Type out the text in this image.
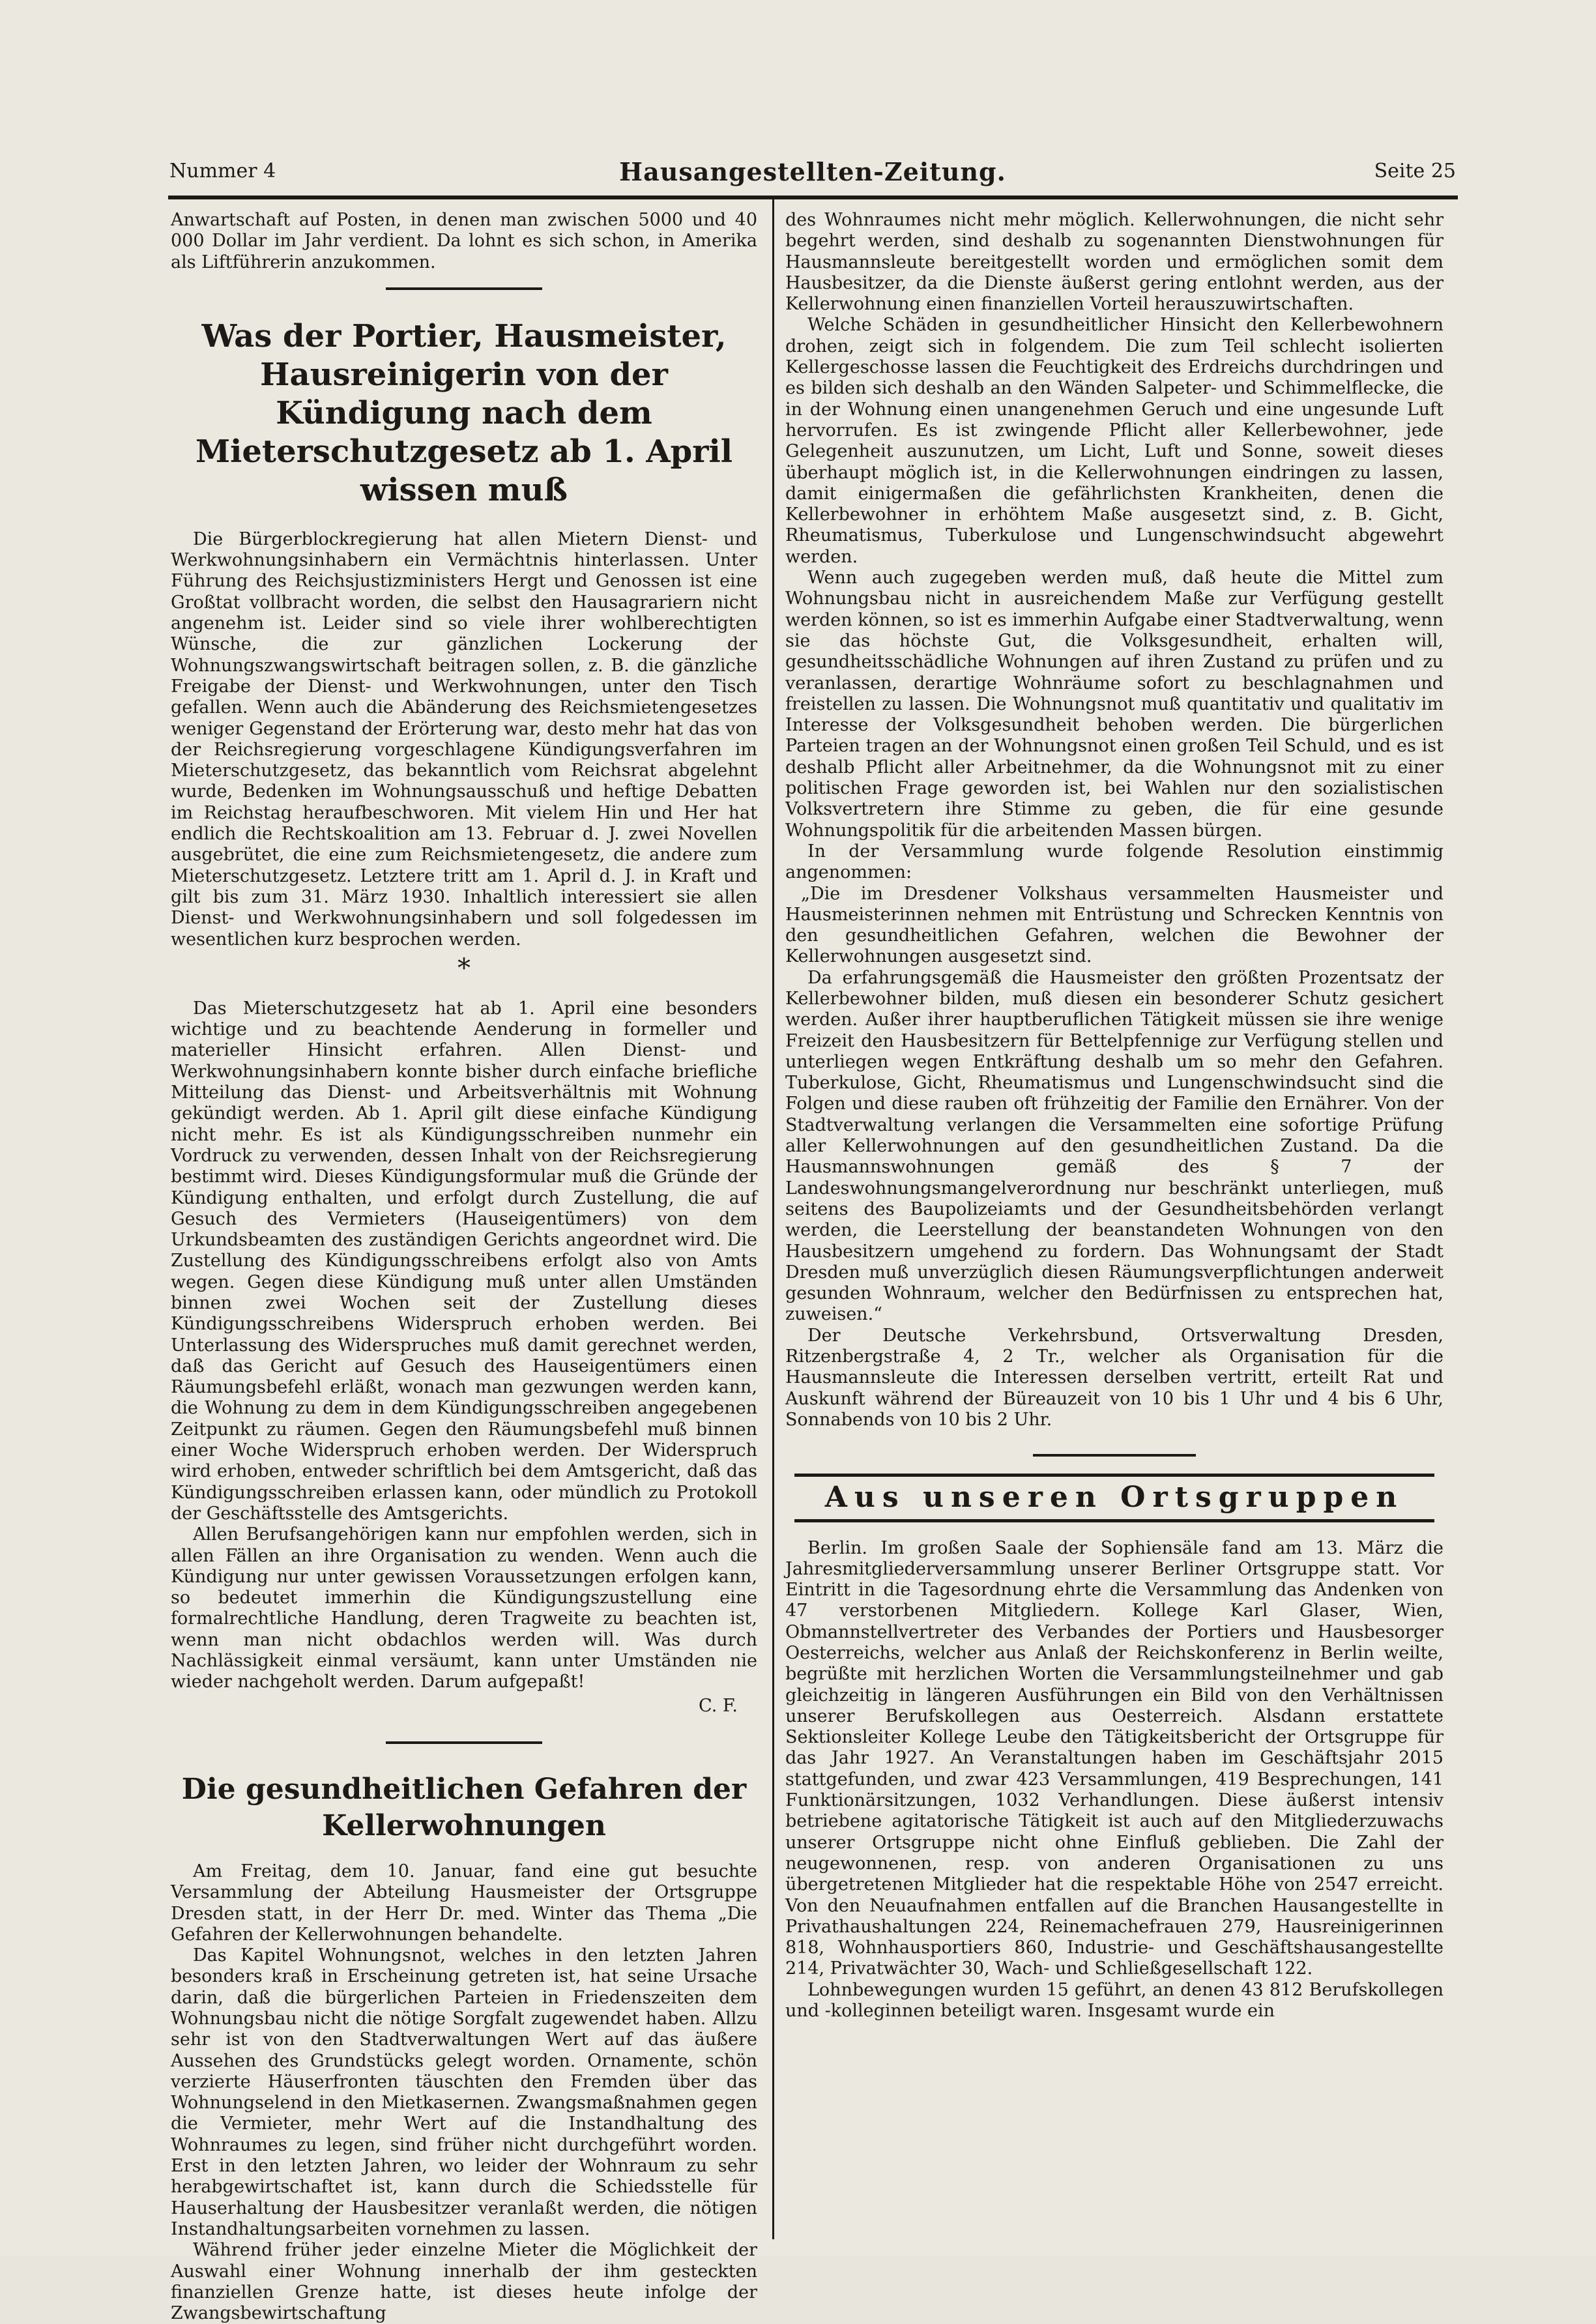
Nummer 4	Hausangestellten-Zeitung.	Seite 25

Anwartschaft auf Posten, in denen man zwischen 5000 und 40 000 Dollar im Jahr verdient. Da lohnt es sich schon, in Amerika als Liftführerin anzukommen.

Was der Portier, Hausmeister, Hausreinigerin von der Kündigung nach dem Mieterschutzgesetz ab 1. April wissen muß

Die Bürgerblockregierung hat allen Mietern Dienst- und Werkwohnungsinhabern ein Vermächtnis hinterlassen. Unter Führung des Reichsjustizministers Hergt und Genossen ist eine Großtat vollbracht worden, die selbst den Hausagrariern nicht angenehm ist. Leider sind so viele ihrer wohlberechtigten Wünsche, die zur gänzlichen Lockerung der Wohnungszwangswirtschaft beitragen sollen, z. B. die gänzliche Freigabe der Dienst- und Werkwohnungen, unter den Tisch gefallen. Wenn auch die Abänderung des Reichsmietengesetzes weniger Gegenstand der Erörterung war, desto mehr hat das von der Reichsregierung vorgeschlagene Kündigungsverfahren im Mieterschutzgesetz, das bekanntlich vom Reichsrat abgelehnt wurde, Bedenken im Wohnungsausschuß und heftige Debatten im Reichstag heraufbeschworen. Mit vielem Hin und Her hat endlich die Rechtskoalition am 13. Februar d. J. zwei Novellen ausgebrütet, die eine zum Reichsmietengesetz, die andere zum Mieterschutzgesetz. Letztere tritt am 1. April d. J. in Kraft und gilt bis zum 31. März 1930. Inhaltlich interessiert sie allen Dienst- und Werkwohnungsinhabern und soll folgedessen im wesentlichen kurz besprochen werden.

*

Das Mieterschutzgesetz hat ab 1. April eine besonders wichtige und zu beachtende Aenderung in formeller und materieller Hinsicht erfahren. Allen Dienst- und Werkwohnungsinhabern konnte bisher durch einfache briefliche Mitteilung das Dienst- und Arbeitsverhältnis mit Wohnung gekündigt werden. Ab 1. April gilt diese einfache Kündigung nicht mehr. Es ist als Kündigungsschreiben nunmehr ein Vordruck zu verwenden, dessen Inhalt von der Reichsregierung bestimmt wird. Dieses Kündigungsformular muß die Gründe der Kündigung enthalten, und erfolgt durch Zustellung, die auf Gesuch des Vermieters (Hauseigentümers) von dem Urkundsbeamten des zuständigen Gerichts angeordnet wird. Die Zustellung des Kündigungsschreibens erfolgt also von Amts wegen. Gegen diese Kündigung muß unter allen Umständen binnen zwei Wochen seit der Zustellung dieses Kündigungsschreibens Widerspruch erhoben werden. Bei Unterlassung des Widerspruches muß damit gerechnet werden, daß das Gericht auf Gesuch des Hauseigentümers einen Räumungsbefehl erläßt, wonach man gezwungen werden kann, die Wohnung zu dem in dem Kündigungsschreiben angegebenen Zeitpunkt zu räumen. Gegen den Räumungsbefehl muß binnen einer Woche Widerspruch erhoben werden. Der Widerspruch wird erhoben, entweder schriftlich bei dem Amtsgericht, daß das Kündigungsschreiben erlassen kann, oder mündlich zu Protokoll der Geschäftsstelle des Amtsgerichts.

Allen Berufsangehörigen kann nur empfohlen werden, sich in allen Fällen an ihre Organisation zu wenden. Wenn auch die Kündigung nur unter gewissen Voraussetzungen erfolgen kann, so bedeutet immerhin die Kündigungszustellung eine formalrechtliche Handlung, deren Tragweite zu beachten ist, wenn man nicht obdachlos werden will. Was durch Nachlässigkeit einmal versäumt, kann unter Umständen nie wieder nachgeholt werden. Darum aufgepaßt!

C. F.
Die gesundheitlichen Gefahren der Kellerwohnungen

Am Freitag, dem 10. Januar, fand eine gut besuchte Versammlung der Abteilung Hausmeister der Ortsgruppe Dresden statt, in der Herr Dr. med. Winter das Thema „Die Gefahren der Kellerwohnungen behandelte.

Das Kapitel Wohnungsnot, welches in den letzten Jahren besonders kraß in Erscheinung getreten ist, hat seine Ursache darin, daß die bürgerlichen Parteien in Friedenszeiten dem Wohnungsbau nicht die nötige Sorgfalt zugewendet haben. Allzu sehr ist von den Stadtverwaltungen Wert auf das äußere Aussehen des Grundstücks gelegt worden. Ornamente, schön verzierte Häuserfronten täuschten den Fremden über das Wohnungselend in den Mietkasernen. Zwangsmaßnahmen gegen die Vermieter, mehr Wert auf die Instandhaltung des Wohnraumes zu legen, sind früher nicht durchgeführt worden. Erst in den letzten Jahren, wo leider der Wohnraum zu sehr herabgewirtschaftet ist, kann durch die Schiedsstelle für Hauserhaltung der Hausbesitzer veranlaßt werden, die nötigen Instandhaltungsarbeiten vornehmen zu lassen.

Während früher jeder einzelne Mieter die Möglichkeit der Auswahl einer Wohnung innerhalb der ihm gesteckten finanziellen Grenze hatte, ist dieses heute infolge der Zwangsbewirtschaftung

des Wohnraumes nicht mehr möglich. Kellerwohnungen, die nicht sehr begehrt werden, sind deshalb zu sogenannten Dienstwohnungen für Hausmannsleute bereitgestellt worden und ermöglichen somit dem Hausbesitzer, da die Dienste äußerst gering entlohnt werden, aus der Kellerwohnung einen finanziellen Vorteil herauszuwirtschaften.

Welche Schäden in gesundheitlicher Hinsicht den Kellerbewohnern drohen, zeigt sich in folgendem. Die zum Teil schlecht isolierten Kellergeschosse lassen die Feuchtigkeit des Erdreichs durchdringen und es bilden sich deshalb an den Wänden Salpeter- und Schimmelflecke, die in der Wohnung einen unangenehmen Geruch und eine ungesunde Luft hervorrufen. Es ist zwingende Pflicht aller Kellerbewohner, jede Gelegenheit auszunutzen, um Licht, Luft und Sonne, soweit dieses überhaupt möglich ist, in die Kellerwohnungen eindringen zu lassen, damit einigermaßen die gefährlichsten Krankheiten, denen die Kellerbewohner in erhöhtem Maße ausgesetzt sind, z. B. Gicht, Rheumatismus, Tuberkulose und Lungenschwindsucht abgewehrt werden.

Wenn auch zugegeben werden muß, daß heute die Mittel zum Wohnungsbau nicht in ausreichendem Maße zur Verfügung gestellt werden können, so ist es immerhin Aufgabe einer Stadtverwaltung, wenn sie das höchste Gut, die Volksgesundheit, erhalten will, gesundheitsschädliche Wohnungen auf ihren Zustand zu prüfen und zu veranlassen, derartige Wohnräume sofort zu beschlagnahmen und freistellen zu lassen. Die Wohnungsnot muß quantitativ und qualitativ im Interesse der Volksgesundheit behoben werden. Die bürgerlichen Parteien tragen an der Wohnungsnot einen großen Teil Schuld, und es ist deshalb Pflicht aller Arbeitnehmer, da die Wohnungsnot mit zu einer politischen Frage geworden ist, bei Wahlen nur den sozialistischen Volksvertretern ihre Stimme zu geben, die für eine gesunde Wohnungspolitik für die arbeitenden Massen bürgen.

In der Versammlung wurde folgende Resolution einstimmig angenommen:

„Die im Dresdener Volkshaus versammelten Hausmeister und Hausmeisterinnen nehmen mit Entrüstung und Schrecken Kenntnis von den gesundheitlichen Gefahren, welchen die Bewohner der Kellerwohnungen ausgesetzt sind.

Da erfahrungsgemäß die Hausmeister den größten Prozentsatz der Kellerbewohner bilden, muß diesen ein besonderer Schutz gesichert werden. Außer ihrer hauptberuflichen Tätigkeit müssen sie ihre wenige Freizeit den Hausbesitzern für Bettelpfennige zur Verfügung stellen und unterliegen wegen Entkräftung deshalb um so mehr den Gefahren. Tuberkulose, Gicht, Rheumatismus und Lungenschwindsucht sind die Folgen und diese rauben oft frühzeitig der Familie den Ernährer. Von der Stadtverwaltung verlangen die Versammelten eine sofortige Prüfung aller Kellerwohnungen auf den gesundheitlichen Zustand. Da die Hausmannswohnungen gemäß des § 7 der Landeswohnungsmangelverordnung nur beschränkt unterliegen, muß seitens des Baupolizeiamts und der Gesundheitsbehörden verlangt werden, die Leerstellung der beanstandeten Wohnungen von den Hausbesitzern umgehend zu fordern. Das Wohnungsamt der Stadt Dresden muß unverzüglich diesen Räumungsverpflichtungen anderweit gesunden Wohnraum, welcher den Bedürfnissen zu entsprechen hat, zuweisen.“

Der Deutsche Verkehrsbund, Ortsverwaltung Dresden, Ritzenbergstraße 4, 2 Tr., welcher als Organisation für die Hausmannsleute die Interessen derselben vertritt, erteilt Rat und Auskunft während der Büreauzeit von 10 bis 1 Uhr und 4 bis 6 Uhr, Sonnabends von 10 bis 2 Uhr.

Aus unseren Ortsgruppen

Berlin. Im großen Saale der Sophiensäle fand am 13. März die Jahresmitgliederversammlung unserer Berliner Ortsgruppe statt. Vor Eintritt in die Tagesordnung ehrte die Versammlung das Andenken von 47 verstorbenen Mitgliedern. Kollege Karl Glaser, Wien, Obmannstellvertreter des Verbandes der Portiers und Hausbesorger Oesterreichs, welcher aus Anlaß der Reichskonferenz in Berlin weilte, begrüßte mit herzlichen Worten die Versammlungsteilnehmer und gab gleichzeitig in längeren Ausführungen ein Bild von den Verhältnissen unserer Berufskollegen aus Oesterreich. Alsdann erstattete Sektionsleiter Kollege Leube den Tätigkeitsbericht der Ortsgruppe für das Jahr 1927. An Veranstaltungen haben im Geschäftsjahr 2015 stattgefunden, und zwar 423 Versammlungen, 419 Besprechungen, 141 Funktionärsitzungen, 1032 Verhandlungen. Diese äußerst intensiv betriebene agitatorische Tätigkeit ist auch auf den Mitgliederzuwachs unserer Ortsgruppe nicht ohne Einfluß geblieben. Die Zahl der neugewonnenen, resp. von anderen Organisationen zu uns übergetretenen Mitglieder hat die respektable Höhe von 2547 erreicht. Von den Neuaufnahmen entfallen auf die Branchen Hausangestellte in Privathaushaltungen 224, Reinemachefrauen 279, Hausreinigerinnen 818, Wohnhausportiers 860, Industrie- und Geschäftshausangestellte 214, Privatwächter 30, Wach- und Schließgesellschaft 122.

Lohnbewegungen wurden 15 geführt, an denen 43 812 Berufskollegen und -kolleginnen beteiligt waren. Insgesamt wurde ein
